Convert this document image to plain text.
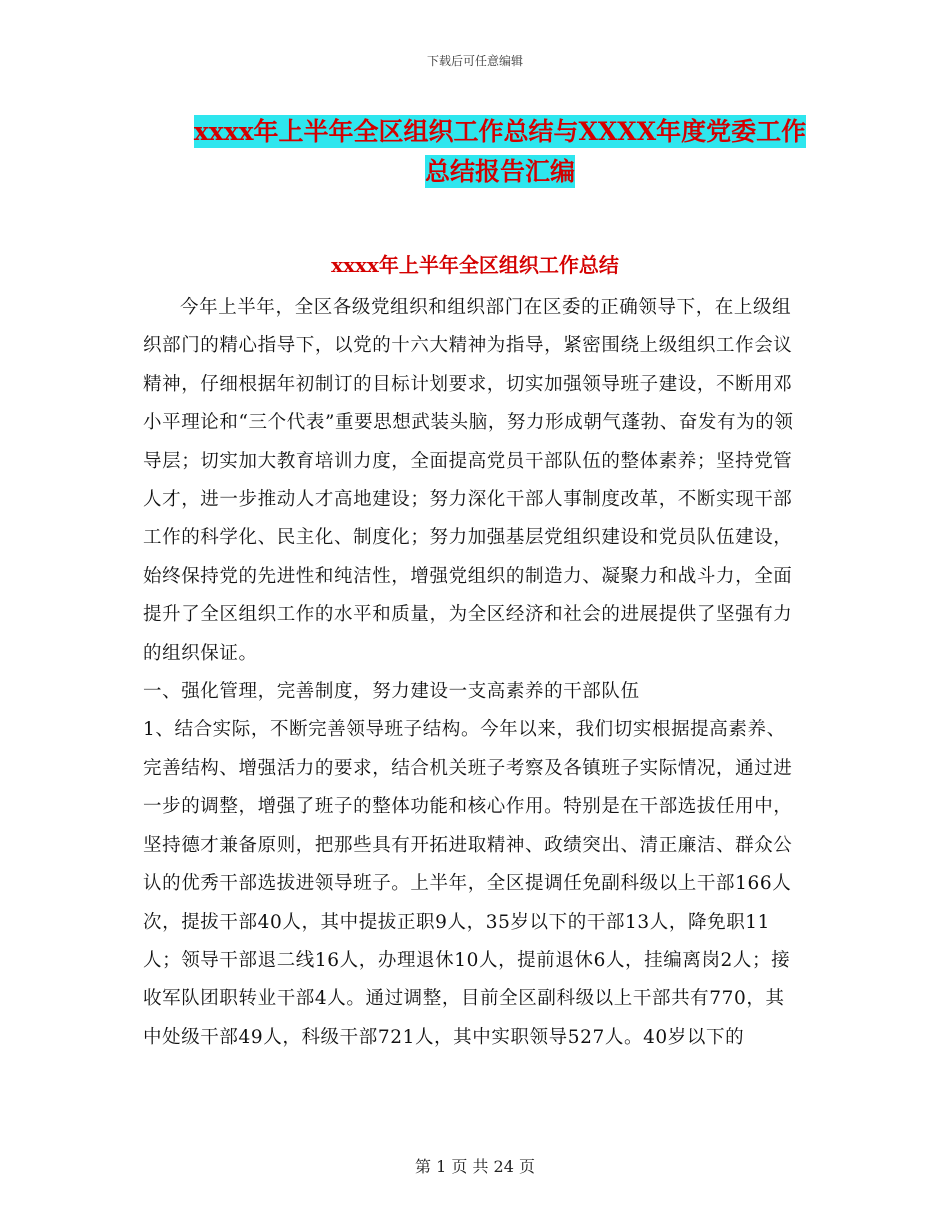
下载后可任意编辑
xxxx年上半年全区组织工作总结与XXXX年度党委工作
总结报告汇编
xxxx年上半年全区组织工作总结

今年上半年，全区各级党组织和组织部门在区委的正确领导下，在上级组织部门的精心指导下，以党的十六大精神为指导，紧密围绕上级组织工作会议精神，仔细根据年初制订的目标计划要求，切实加强领导班子建设，不断用邓小平理论和“三个代表”重要思想武装头脑，努力形成朝气蓬勃、奋发有为的领导层；切实加大教育培训力度，全面提高党员干部队伍的整体素养；坚持党管人才，进一步推动人才高地建设；努力深化干部人事制度改革，不断实现干部工作的科学化、民主化、制度化；努力加强基层党组织建设和党员队伍建设，始终保持党的先进性和纯洁性，增强党组织的制造力、凝聚力和战斗力，全面提升了全区组织工作的水平和质量，为全区经济和社会的进展提供了坚强有力的组织保证。

一、强化管理，完善制度，努力建设一支高素养的干部队伍

1、结合实际，不断完善领导班子结构。今年以来，我们切实根据提高素养、完善结构、增强活力的要求，结合机关班子考察及各镇班子实际情况，通过进一步的调整，增强了班子的整体功能和核心作用。特别是在干部选拔任用中，坚持德才兼备原则，把那些具有开拓进取精神、政绩突出、清正廉洁、群众公认的优秀干部选拔进领导班子。上半年，全区提调任免副科级以上干部166人次，提拔干部40人，其中提拔正职9人，35岁以下的干部13人，降免职11人；领导干部退二线16人，办理退休10人，提前退休6人，挂编离岗2人；接收军队团职转业干部4人。通过调整，目前全区副科级以上干部共有770，其中处级干部49人，科级干部721人，其中实职领导527人。40岁以下的

第 1 页 共 24 页
